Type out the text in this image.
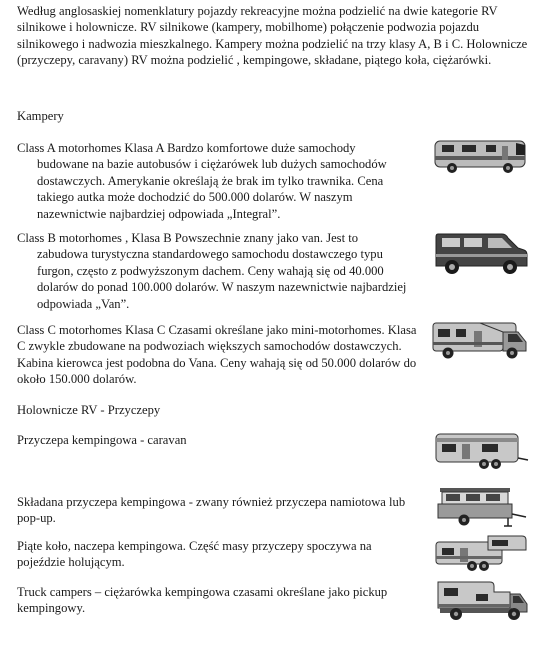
Według anglosaskiej nomenklatury pojazdy rekreacyjne można podzielić na dwie kategorie RV silnikowe i holownicze. RV silnikowe (kampery, mobilhome) połączenie podwozia pojazdu silnikowego i nadwozia mieszkalnego. Kampery można podzielić na trzy klasy A, B i C. Holownicze (przyczepy, caravany) RV można podzielić , kempingowe, składane, piątego koła, ciężarówki.

Kampery

Class A motorhomes Klasa A Bardzo komfortowe duże samochody
budowane na bazie autobusów i ciężarówek lub dużych samochodów dostawczych. Amerykanie określają że brak im tylko trawnika. Cena takiego autka może dochodzić do 500.000 dolarów. W naszym nazewnictwie najbardziej odpowiada „Integral”.

Class B motorhomes , Klasa B Powszechnie znany jako van. Jest to
zabudowa turystyczna standardowego samochodu dostawczego typu furgon, często z podwyższonym dachem. Ceny wahają się od 40.000 dolarów do ponad 100.000 dolarów. W naszym nazewnictwie najbardziej odpowiada „Van”.

Class C motorhomes Klasa C Czasami określane jako mini-motorhomes. Klasa C zwykle zbudowane na podwoziach większych samochodów dostawczych. Kabina kierowca jest podobna do Vana. Ceny wahają się od 50.000 dolarów do około 150.000 dolarów.

Holownicze RV - Przyczepy

Przyczepa kempingowa - caravan

Składana przyczepa kempingowa - zwany również przyczepa namiotowa lub pop-up.

Piąte koło, naczepa kempingowa. Część masy przyczepy spoczywa na pojeździe holującym.

Truck campers – ciężarówka kempingowa czasami określane jako pickup kempingowy.
